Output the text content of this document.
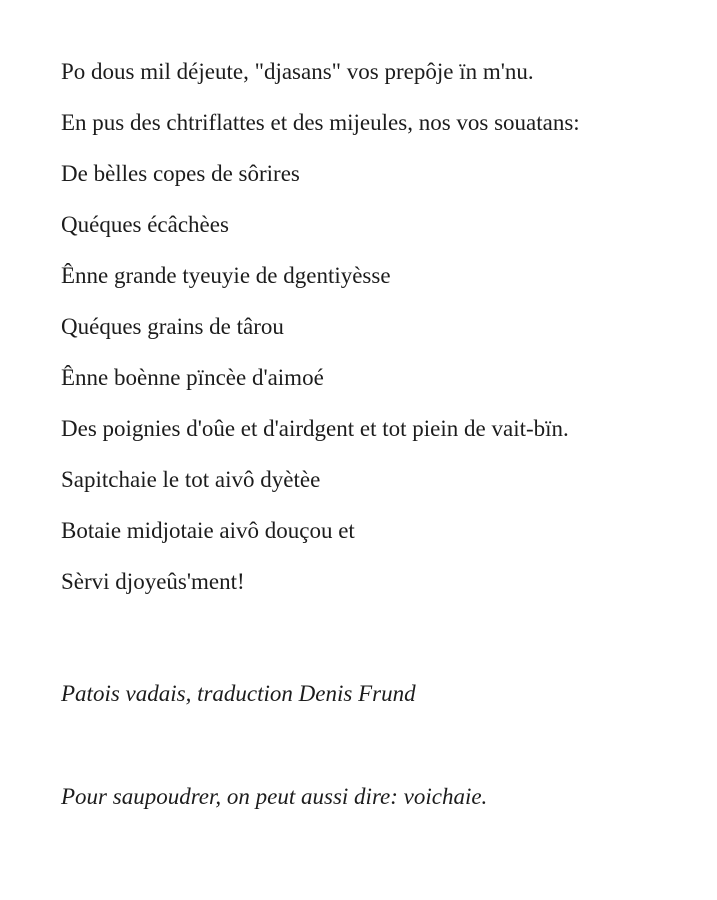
Po dous mil déjeute, "djasans" vos prepôje ïn m'nu.
En pus des chtriflattes et des mijeules, nos vos souatans:
De bèlles copes de sôrires
Quéques écâchèes
Ênne grande tyeuyie de dgentiyèsse
Quéques grains de târou
Ênne boènne pïncèe d'aimoé
Des poignies d'oûe et d'airdgent et tot piein de vait-bïn.
Sapitchaie le tot aivô dyètèe
Botaie midjotaie aivô douçou et
Sèrvi djoyeûs'ment!
Patois vadais, traduction Denis Frund
Pour saupoudrer, on peut aussi dire: voichaie.
